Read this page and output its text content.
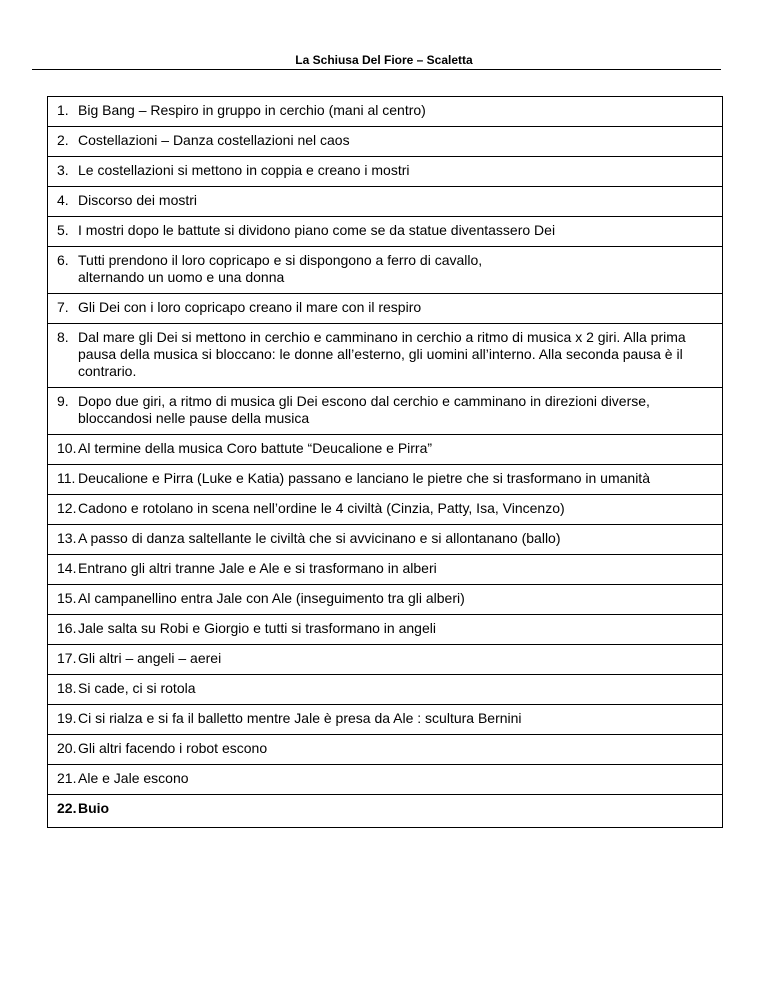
La Schiusa Del Fiore – Scaletta
1. Big Bang – Respiro in gruppo in cerchio (mani al centro)

2. Costellazioni – Danza costellazioni nel caos

3. Le costellazioni si mettono in coppia e creano i mostri

4. Discorso dei mostri

5. I mostri dopo le battute si dividono piano come se da statue diventassero Dei

6. Tutti prendono il loro copricapo e si dispongono a ferro di cavallo,
alternando un uomo e una donna

7. Gli Dei con i loro copricapo creano il mare con il respiro

8. Dal mare gli Dei si mettono in cerchio e camminano in cerchio a ritmo di musica x 2 giri. Alla prima pausa della musica si bloccano: le donne all’esterno, gli uomini all’interno. Alla seconda pausa è il contrario.

9. Dopo due giri, a ritmo di musica gli Dei escono dal cerchio e camminano in direzioni diverse, bloccandosi nelle pause della musica

10. Al termine della musica Coro battute “Deucalione e Pirra”

11. Deucalione e Pirra (Luke e Katia) passano e lanciano le pietre che si trasformano in umanità

12. Cadono e rotolano in scena nell’ordine le 4 civiltà (Cinzia, Patty, Isa, Vincenzo)

13. A passo di danza saltellante le civiltà che si avvicinano e si allontanano (ballo)

14. Entrano gli altri tranne Jale e Ale e si trasformano in alberi

15. Al campanellino entra Jale con Ale (inseguimento tra gli alberi)

16. Jale salta su Robi e Giorgio e tutti si trasformano in angeli

17. Gli altri – angeli – aerei

18. Si cade, ci si rotola

19. Ci si rialza e si fa il balletto mentre Jale è presa da Ale : scultura Bernini

20. Gli altri facendo i robot escono

21. Ale e Jale escono

22. Buio
